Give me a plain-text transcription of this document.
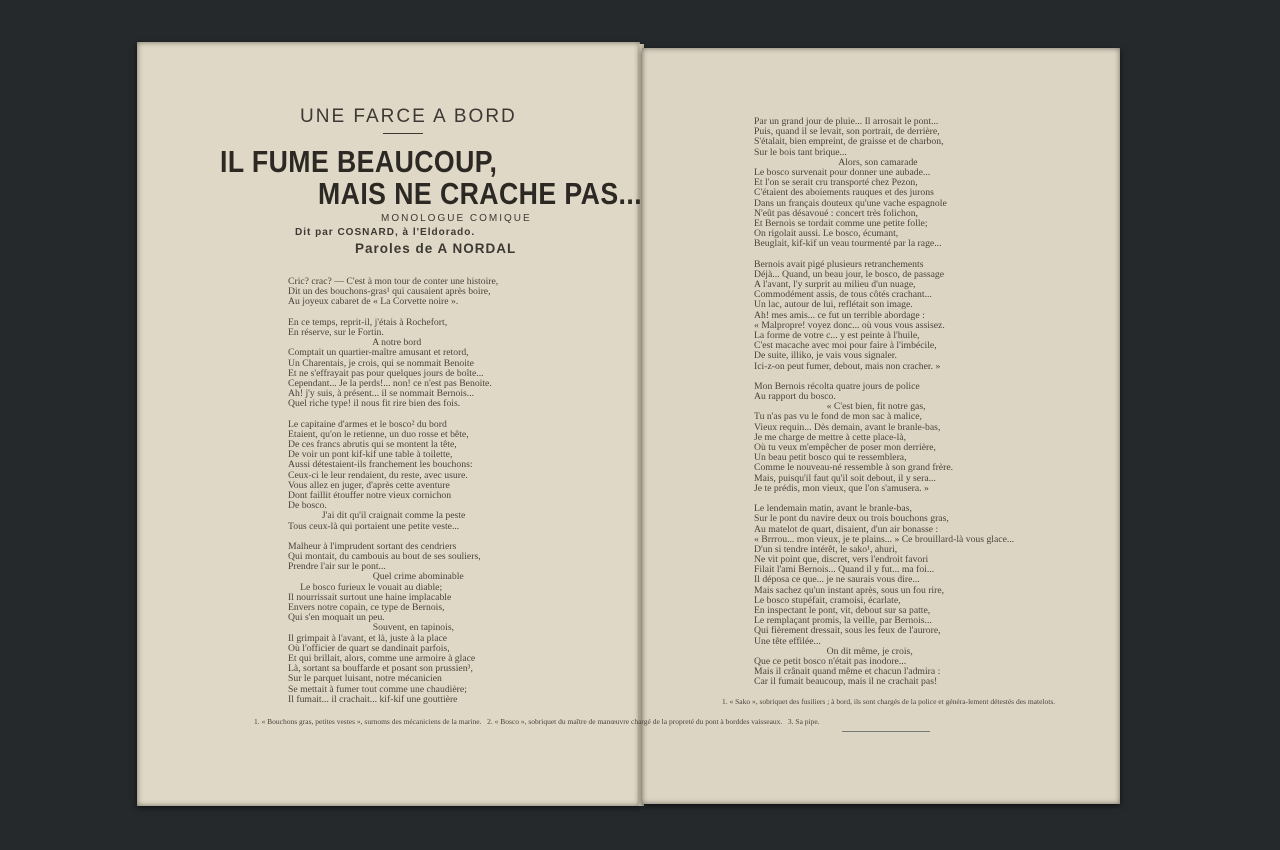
UNE FARCE A BORD
IL FUME BEAUCOUP,
MAIS NE CRACHE PAS...
MONOLOGUE COMIQUE
Dit par COSNARD, à l'Eldorado.
Paroles de A NORDAL
Cric? crac? — C'est à mon tour de conter une histoire,
Dit un des bouchons-gras¹ qui causaient après boire,
Au joyeux cabaret de « La Corvette noire ».
En ce temps, reprit-il, j'étais à Rochefort,
En réserve, sur le Fortin.
A notre bord
Comptait un quartier-maître amusant et retord,
Un Charentais, je crois, qui se nommait Benoite
Et ne s'effrayait pas pour quelques jours de boîte...
Cependant... Je la perds!... non! ce n'est pas Benoite.
Ah! j'y suis, à présent... il se nommait Bernois...
Quel riche type! il nous fit rire bien des fois.
Le capitaine d'armes et le bosco² du bord
Etaient, qu'on le retienne, un duo rosse et bête,
De ces francs abrutis qui se montent la tête,
De voir un pont kif-kif une table à toilette,
Aussi détestaient-ils franchement les bouchons:
Ceux-ci le leur rendaient, du reste, avec usure.
Vous allez en juger, d'après cette aventure
Dont faillit étouffer notre vieux cornichon
De bosco.
J'ai dit qu'il craignait comme la peste
Tous ceux-là qui portaient une petite veste...
Malheur à l'imprudent sortant des cendriers
Qui montait, du cambouis au bout de ses souliers,
Prendre l'air sur le pont...
Quel crime abominable
Le bosco furieux le vouait au diable;
Il nourrissait surtout une haine implacable
Envers notre copain, ce type de Bernois,
Qui s'en moquait un peu.
Souvent, en tapinois,
Il grimpait à l'avant, et là, juste à la place
Où l'officier de quart se dandinait parfois,
Et qui brillait, alors, comme une armoire à glace
Là, sortant sa bouffarde et posant son prussien³,
Sur le parquet luisant, notre mécanicien
Se mettait à fumer tout comme une chaudière;
Il fumait... il crachait... kif-kif une gouttière
Par un grand jour de pluie... Il arrosait le pont...
Puis, quand il se levait, son portrait, de derrière,
S'étalait, bien empreint, de graisse et de charbon,
Sur le bois tant brique...
Alors, son camarade
Le bosco survenait pour donner une aubade...
Et l'on se serait cru transporté chez Pezon,
C'étaient des aboiements rauques et des jurons
Dans un français douteux qu'une vache espagnole
N'eût pas désavoué : concert très folichon,
Et Bernois se tordait comme une petite folle;
On rigolait aussi. Le bosco, écumant,
Beuglait, kif-kif un veau tourmenté par la rage...
Bernois avait pigé plusieurs retranchements
Déjà... Quand, un beau jour, le bosco, de passage
A l'avant, l'y surprit au milieu d'un nuage,
Commodément assis, de tous côtés crachant...
Un lac, autour de lui, reflétait son image.
Ah! mes amis... ce fut un terrible abordage :
« Malpropre! voyez donc... où vous vous assisez.
La forme de votre c... y est peinte à l'huile,
C'est macache avec moi pour faire à l'imbécile,
De suite, illiko, je vais vous signaler.
Ici-z-on peut fumer, debout, mais non cracher. »
Mon Bernois récolta quatre jours de police
Au rapport du bosco.
« C'est bien, fit notre gas,
Tu n'as pas vu le fond de mon sac à malice,
Vieux requin... Dès demain, avant le branle-bas,
Je me charge de mettre à cette place-là,
Où tu veux m'empêcher de poser mon derrière,
Un beau petit bosco qui te ressemblera,
Comme le nouveau-né ressemble à son grand frère.
Mais, puisqu'il faut qu'il soit debout, il y sera...
Je te prédis, mon vieux, que l'on s'amusera. »
Le lendemain matin, avant le branle-bas,
Sur le pont du navire deux ou trois bouchons gras,
Au matelot de quart, disaient, d'un air bonasse :
« Brrrou... mon vieux, je te plains... » Ce brouillard-là vous glace...
D'un si tendre intérêt, le sako¹, ahuri,
Ne vit point que, discret, vers l'endroit favori
Filait l'ami Bernois... Quand il y fut... ma foi...
Il déposa ce que... je ne saurais vous dire...
Mais sachez qu'un instant après, sous un fou rire,
Le bosco stupéfait, cramoisi, écarlate,
En inspectant le pont, vit, debout sur sa patte,
Le remplaçant promis, la veille, par Bernois...
Qui fièrement dressait, sous les feux de l'aurore,
Une tête effilée...
On dit même, je crois,
Que ce petit bosco n'était pas inodore...
Mais il crânait quand même et chacun l'admira :
Car il fumait beaucoup, mais il ne crachait pas!
1. « Bouchons gras, petites vestes », surnoms des mécaniciens de la marine.   2. « Bosco », sobriquet du maître de manœuvre chargé de la propreté du pont à borddes vaisseaux.   3. Sa pipe.
1. « Sako », sobriquet des fusiliers ; à bord, ils sont chargés de la police et généra-lement détestés des matelots.
